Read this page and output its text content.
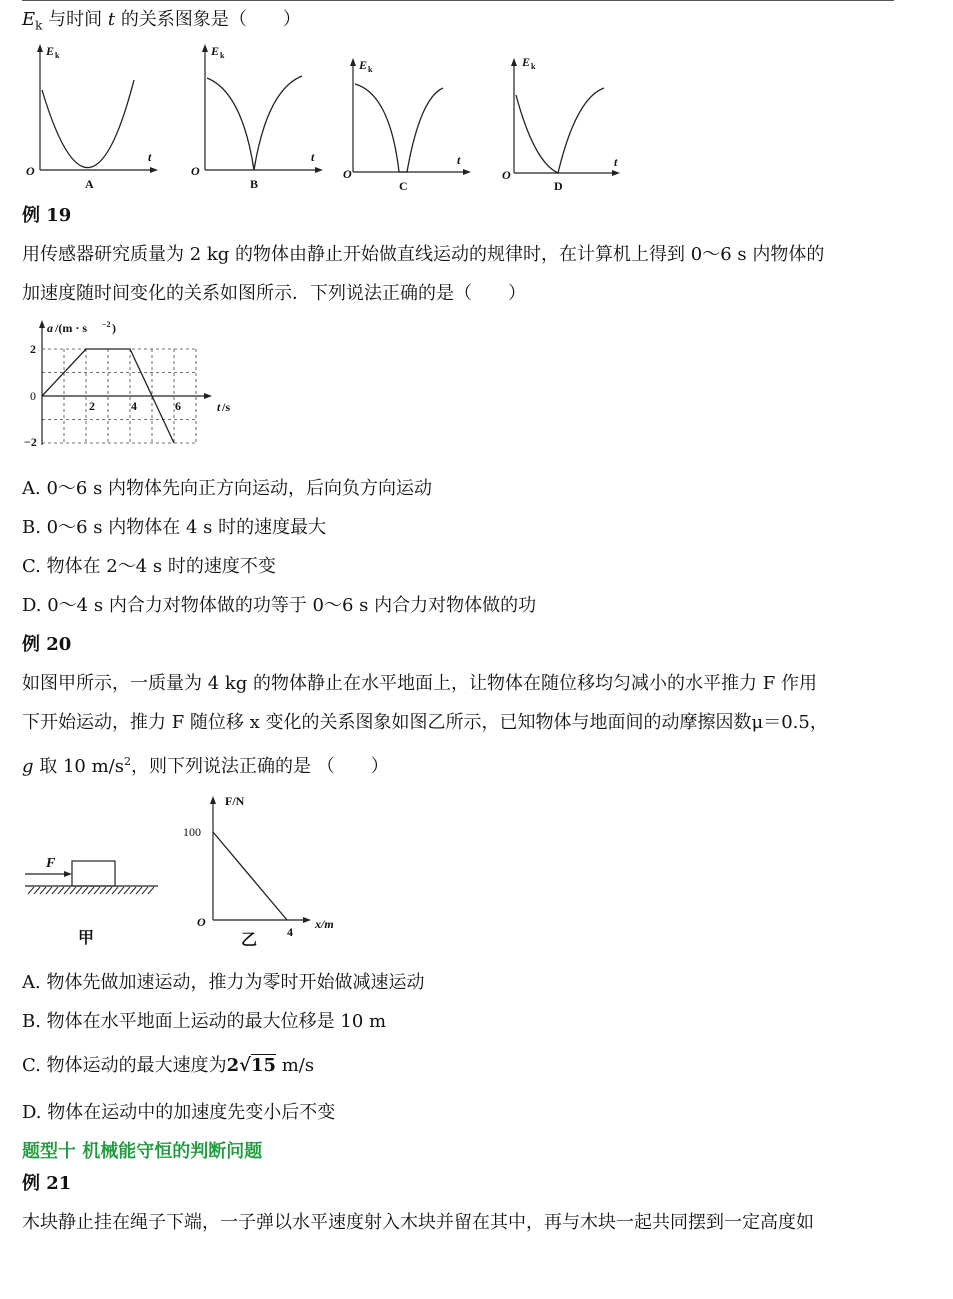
$E_k$ 与时间 t 的关系图象是（　　）
E k
O
t
A
E k
O
t
B
E k
O
t
C
E k
O
t
D
例 19
用传感器研究质量为 2 kg 的物体由静止开始做直线运动的规律时，在计算机上得到 0～6 s 内物体的
加速度随时间变化的关系如图所示．下列说法正确的是（　　）
a /(m · s −2 )
0
2
−2
2	4	6	t /s
A. 0～6 s 内物体先向正方向运动，后向负方向运动
B. 0～6 s 内物体在 4 s 时的速度最大
C. 物体在 2～4 s 时的速度不变
D. 0～4 s 内合力对物体做的功等于 0～6 s 内合力对物体做的功
例 20
如图甲所示，一质量为 4 kg 的物体静止在水平地面上，让物体在随位移均匀减小的水平推力 F 作用
下开始运动，推力 F 随位移 x 变化的关系图象如图乙所示，已知物体与地面间的动摩擦因数μ＝0.5，
g 取 10 $m/s^2$，则下列说法正确的是 （　　）
F
甲
F/N
100
O
4
x/m
乙
A. 物体先做加速运动，推力为零时开始做减速运动
B. 物体在水平地面上运动的最大位移是 10 m
C. 物体运动的最大速度为2√15 m/s
D. 物体在运动中的加速度先变小后不变
题型十 机械能守恒的判断问题
例 21
木块静止挂在绳子下端，一子弹以水平速度射入木块并留在其中，再与木块一起共同摆到一定高度如
